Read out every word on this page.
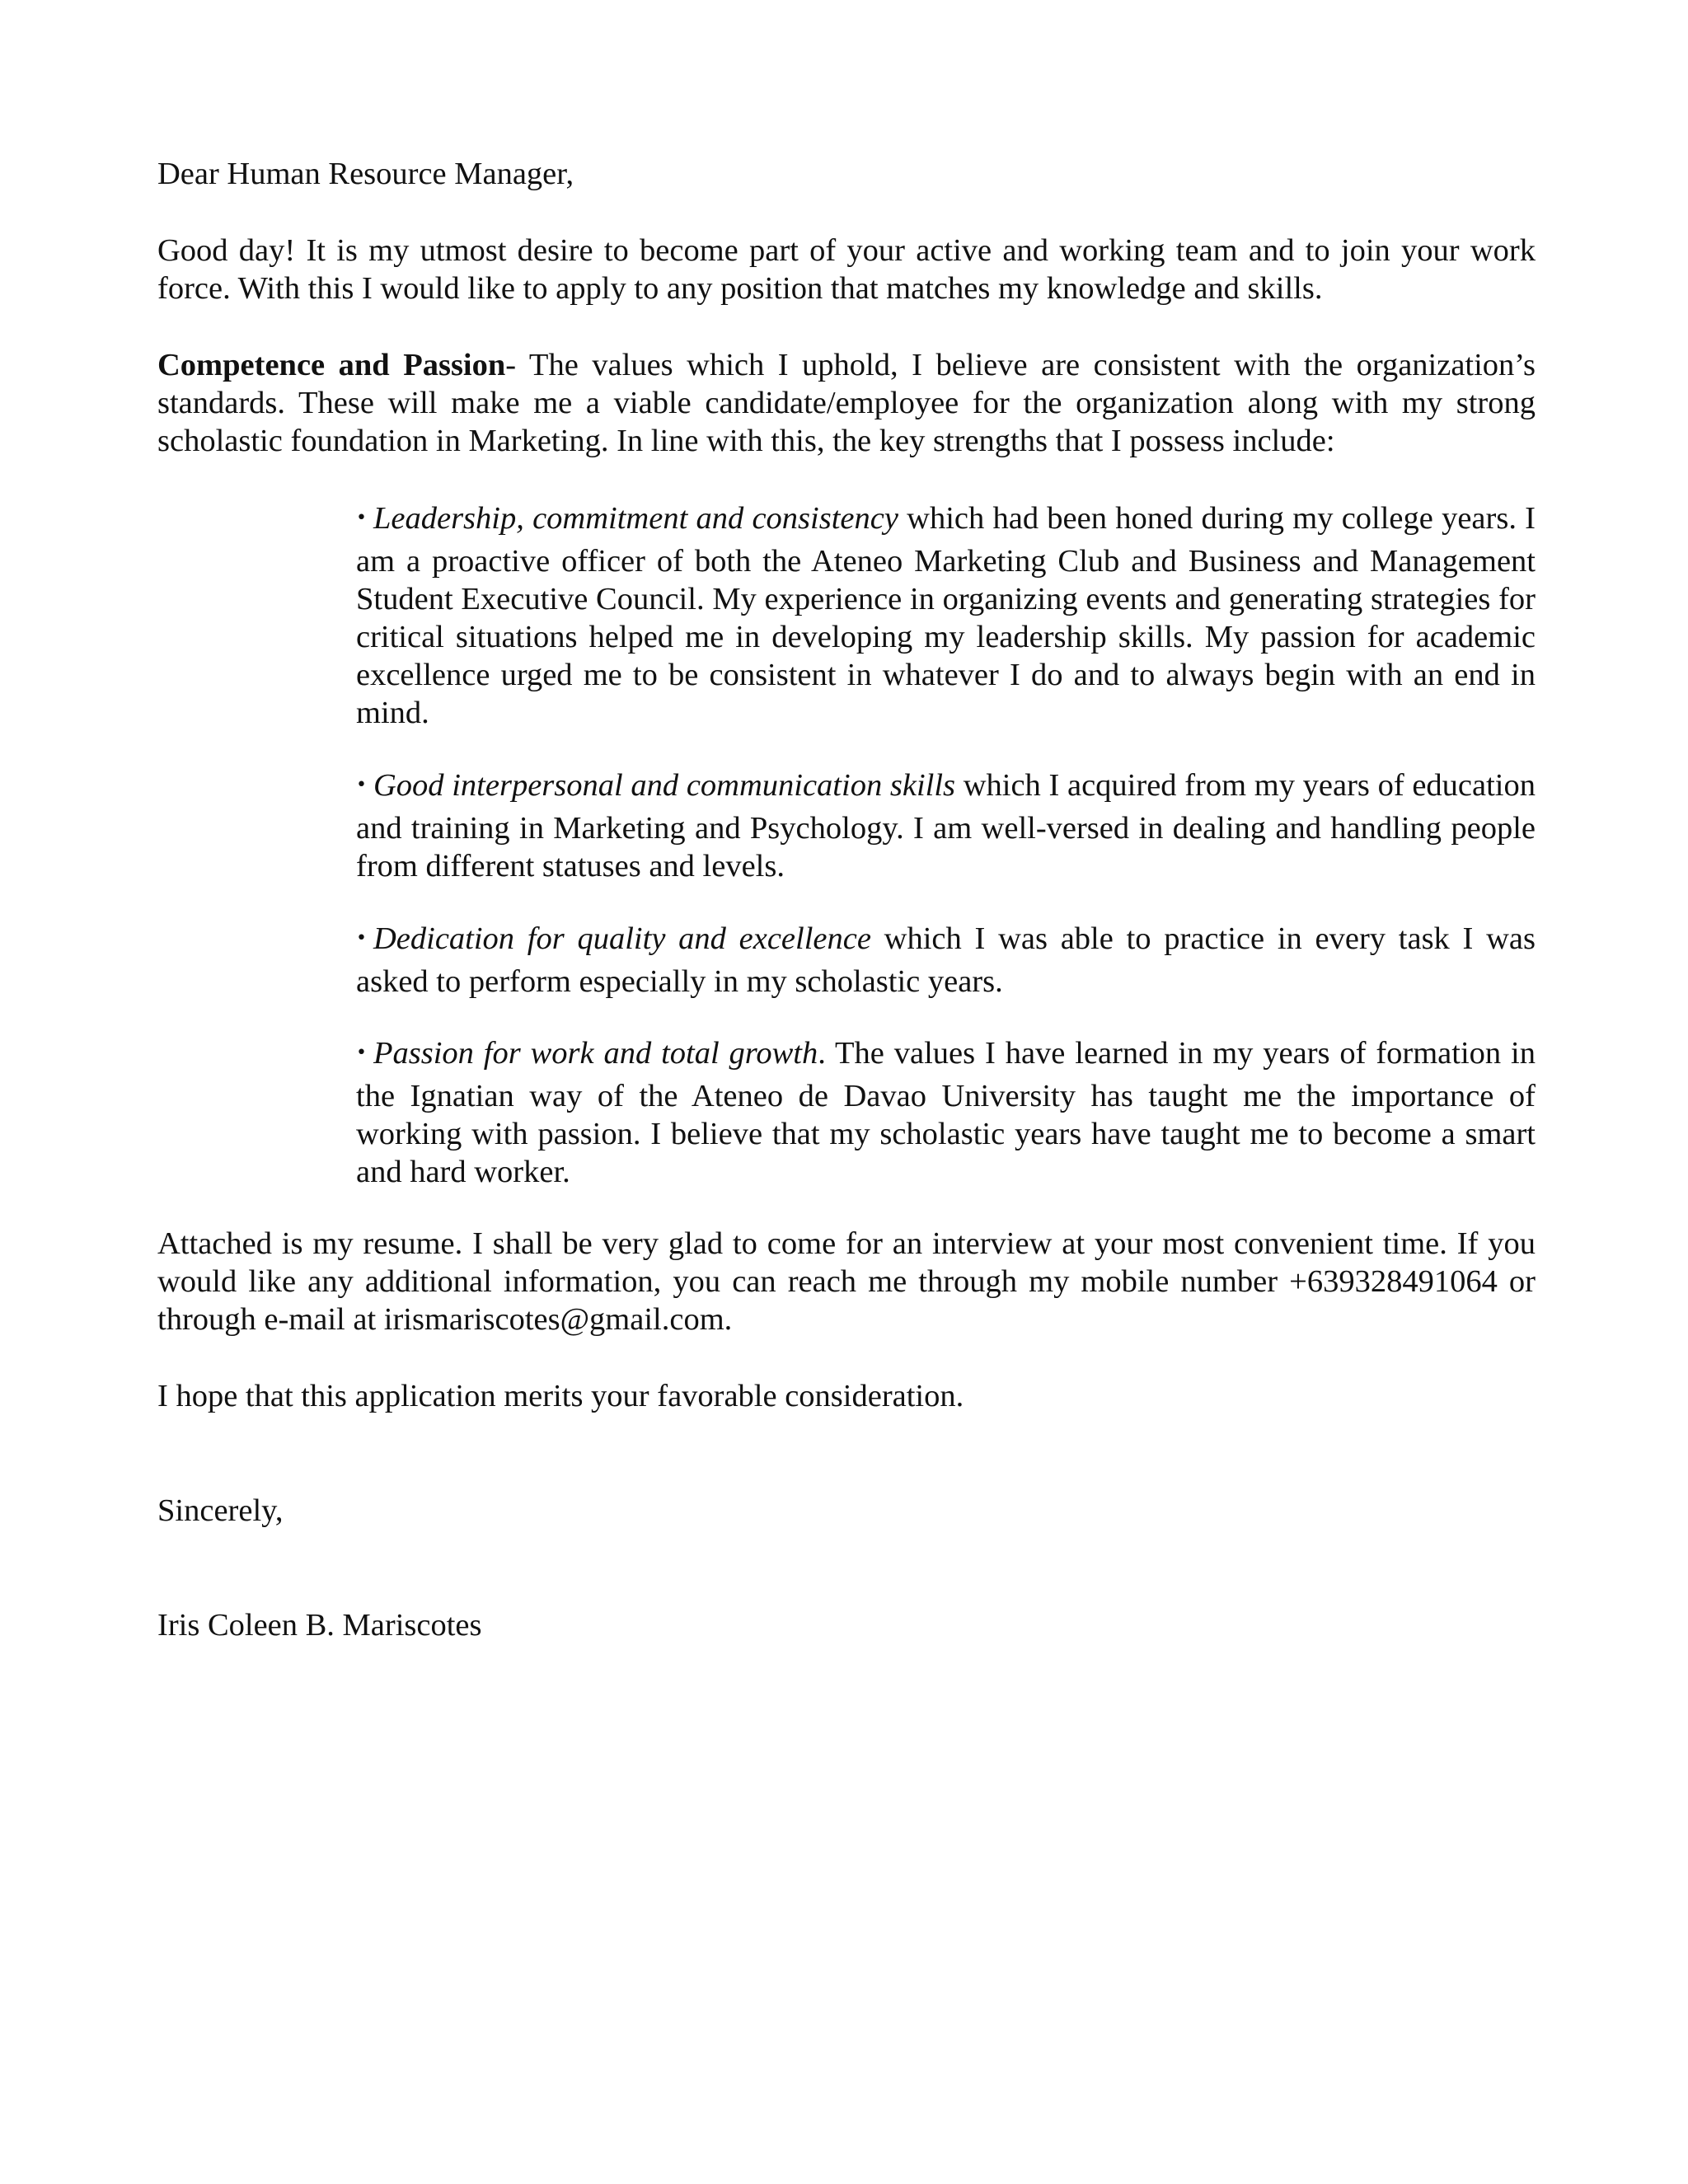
Dear Human Resource Manager,

Good day! It is my utmost desire to become part of your active and working team and to join your work force. With this I would like to apply to any position that matches my knowledge and skills.

Competence and Passion- The values which I uphold, I believe are consistent with the organization’s standards. These will make me a viable candidate/employee for the organization along with my strong scholastic foundation in Marketing. In line with this, the key strengths that I possess include:

• Leadership, commitment and consistency which had been honed during my college years. I am a proactive officer of both the Ateneo Marketing Club and Business and Management Student Executive Council. My experience in organizing events and generating strategies for critical situations helped me in developing my leadership skills. My passion for academic excellence urged me to be consistent in whatever I do and to always begin with an end in mind.

• Good interpersonal and communication skills which I acquired from my years of education and training in Marketing and Psychology. I am well-versed in dealing and handling people from different statuses and levels.

• Dedication for quality and excellence which I was able to practice in every task I was asked to perform especially in my scholastic years.

• Passion for work and total growth. The values I have learned in my years of formation in the Ignatian way of the Ateneo de Davao University has taught me the importance of working with passion. I believe that my scholastic years have taught me to become a smart and hard worker.

Attached is my resume. I shall be very glad to come for an interview at your most convenient time. If you would like any additional information, you can reach me through my mobile number +639328491064 or through e-mail at irismariscotes@gmail.com.

I hope that this application merits your favorable consideration.

Sincerely,

Iris Coleen B. Mariscotes
